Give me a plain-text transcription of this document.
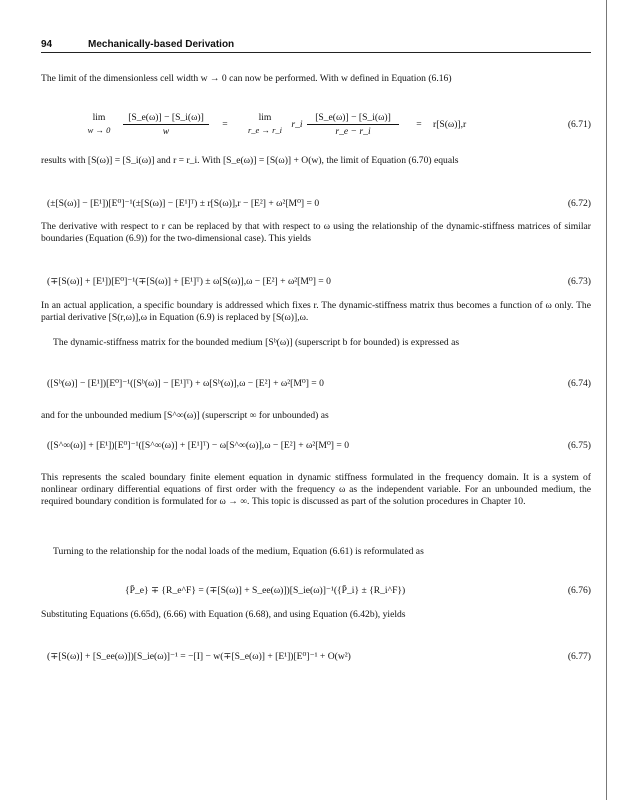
94	Mechanically-based Derivation
The limit of the dimensionless cell width w → 0 can now be performed. With w defined in Equation (6.16)
lim
w → 0
[S_e(ω)] − [S_i(ω)]
w
=
lim
r_e → r_i r_i
[S_e(ω)] − [S_i(ω)]
r_e − r_i
=	r[S(ω)],r	(6.71)
results with [S(ω)] = [S_i(ω)] and r = r_i. With [S_e(ω)] = [S(ω)] + O(w), the limit of Equation (6.70) equals
(±[S(ω)] − [E¹])[E⁰]⁻¹(±[S(ω)] − [E¹]ᵀ) ± r[S(ω)],r − [E²] + ω²[M⁰] = 0	(6.72)
The derivative with respect to r can be replaced by that with respect to ω using the relationship of the dynamic-stiffness matrices of similar boundaries (Equation (6.9)) for the two-dimensional case). This yields
(∓[S(ω)] + [E¹])[E⁰]⁻¹(∓[S(ω)] + [E¹]ᵀ) ± ω[S(ω)],ω − [E²] + ω²[M⁰] = 0	(6.73)
In an actual application, a specific boundary is addressed which fixes r. The dynamic-stiffness matrix thus becomes a function of ω only. The partial derivative [S(r,ω)],ω in Equation (6.9) is replaced by [S(ω)],ω.
The dynamic-stiffness matrix for the bounded medium [Sᵇ(ω)] (superscript b for bounded) is expressed as
([Sᵇ(ω)] − [E¹])[E⁰]⁻¹([Sᵇ(ω)] − [E¹]ᵀ) + ω[Sᵇ(ω)],ω − [E²] + ω²[M⁰] = 0	(6.74)
and for the unbounded medium [S^∞(ω)] (superscript ∞ for unbounded) as
([S^∞(ω)] + [E¹])[E⁰]⁻¹([S^∞(ω)] + [E¹]ᵀ) − ω[S^∞(ω)],ω − [E²] + ω²[M⁰] = 0	(6.75)
This represents the scaled boundary finite element equation in dynamic stiffness formulated in the frequency domain. It is a system of nonlinear ordinary differential equations of first order with the frequency ω as the independent variable. For an unbounded medium, the required boundary condition is formulated for ω → ∞. This topic is discussed as part of the solution procedures in Chapter 10.
Turning to the relationship for the nodal loads of the medium, Equation (6.61) is reformulated as
{P̄_e} ∓ {R_e^F} = (∓[S(ω)] + S_ee(ω)])[S_ie(ω)]⁻¹({P̄_i} ± {R_i^F})	(6.76)
Substituting Equations (6.65d), (6.66) with Equation (6.68), and using Equation (6.42b), yields
(∓[S(ω)] + [S_ee(ω)])[S_ie(ω)]⁻¹ = −[I] − w(∓[S_e(ω)] + [E¹])[E⁰]⁻¹ + O(w²)	(6.77)
